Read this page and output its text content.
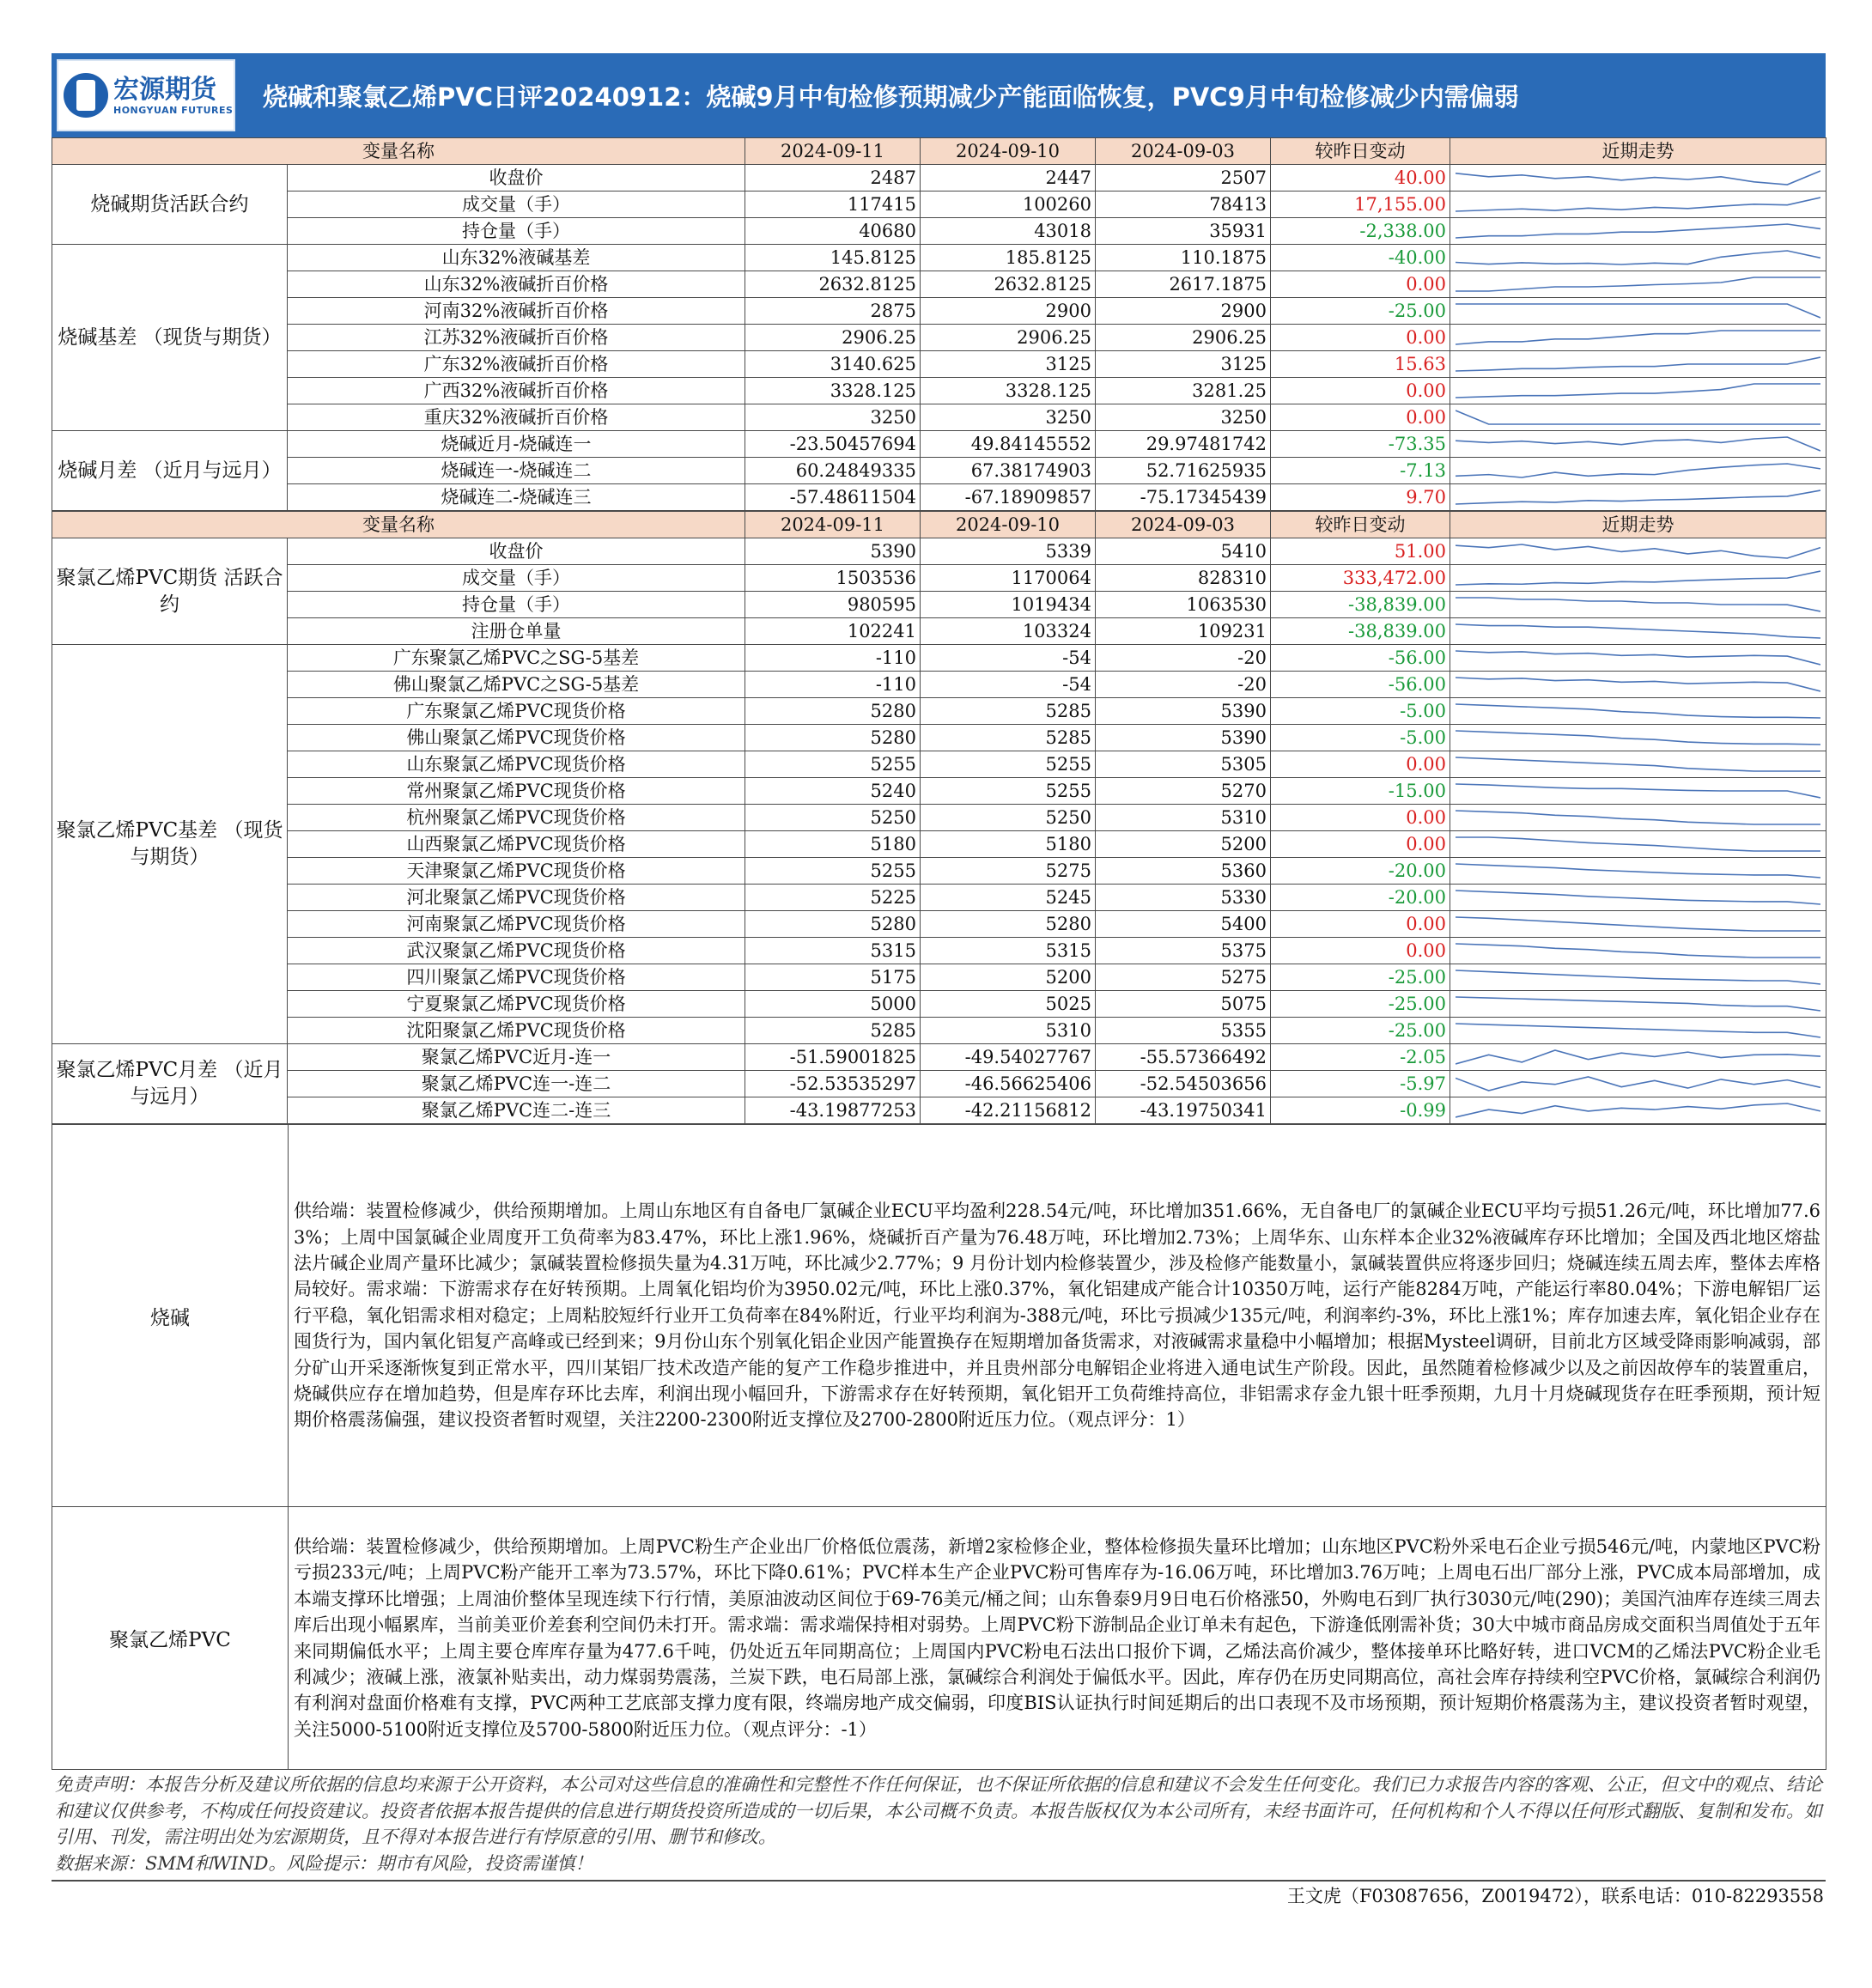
宏源期货
HONGYUAN FUTURES 烧碱和聚氯乙烯PVC日评20240912：烧碱9月中旬检修预期减少产能面临恢复，PVC9月中旬检修减少内需偏弱
变量名称		2024-09-11	2024-09-10	2024-09-03	较昨日变动	近期走势
烧碱期货活跃合约	收盘价	2487	2447	2507	40.00	

	成交量（手）	117415	100260	78413	17,155.00	

	持仓量（手）	40680	43018	35931	-2,338.00	

烧碱基差 （现货与期货）	山东32%液碱基差	145.8125	185.8125	110.1875	-40.00	

	山东32%液碱折百价格	2632.8125	2632.8125	2617.1875	0.00	

	河南32%液碱折百价格	2875	2900	2900	-25.00	

	江苏32%液碱折百价格	2906.25	2906.25	2906.25	0.00	

	广东32%液碱折百价格	3140.625	3125	3125	15.63	

	广西32%液碱折百价格	3328.125	3328.125	3281.25	0.00	

	重庆32%液碱折百价格	3250	3250	3250	0.00	

烧碱月差 （近月与远月）	烧碱近月-烧碱连一	-23.50457694	49.84145552	29.97481742	-73.35	

	烧碱连一-烧碱连二	60.24849335	67.38174903	52.71625935	-7.13	

	烧碱连二-烧碱连三	-57.48611504	-67.18909857	-75.17345439	9.70	
变量名称		2024-09-11	2024-09-10	2024-09-03	较昨日变动	近期走势
聚氯乙烯PVC期货 活跃合约	收盘价	5390	5339	5410	51.00	

	成交量（手）	1503536	1170064	828310	333,472.00	

	持仓量（手）	980595	1019434	1063530	-38,839.00	

	注册仓单量	102241	103324	109231	-38,839.00	

聚氯乙烯PVC基差 （现货与期货）	广东聚氯乙烯PVC之SG-5基差	-110	-54	-20	-56.00	

	佛山聚氯乙烯PVC之SG-5基差	-110	-54	-20	-56.00	

	广东聚氯乙烯PVC现货价格	5280	5285	5390	-5.00	

	佛山聚氯乙烯PVC现货价格	5280	5285	5390	-5.00	

	山东聚氯乙烯PVC现货价格	5255	5255	5305	0.00	

	常州聚氯乙烯PVC现货价格	5240	5255	5270	-15.00	

	杭州聚氯乙烯PVC现货价格	5250	5250	5310	0.00	

	山西聚氯乙烯PVC现货价格	5180	5180	5200	0.00	

	天津聚氯乙烯PVC现货价格	5255	5275	5360	-20.00	

	河北聚氯乙烯PVC现货价格	5225	5245	5330	-20.00	

	河南聚氯乙烯PVC现货价格	5280	5280	5400	0.00	

	武汉聚氯乙烯PVC现货价格	5315	5315	5375	0.00	

	四川聚氯乙烯PVC现货价格	5175	5200	5275	-25.00	

	宁夏聚氯乙烯PVC现货价格	5000	5025	5075	-25.00	

	沈阳聚氯乙烯PVC现货价格	5285	5310	5355	-25.00	

聚氯乙烯PVC月差 （近月与远月）	聚氯乙烯PVC近月-连一	-51.59001825	-49.54027767	-55.57366492	-2.05	

	聚氯乙烯PVC连一-连二	-52.53535297	-46.56625406	-52.54503656	-5.97	

	聚氯乙烯PVC连二-连三	-43.19877253	-42.21156812	-43.19750341	-0.99	
烧碱	供给端：装置检修减少，供给预期增加。上周山东地区有自备电厂氯碱企业ECU平均盈利228.54元/吨，环比增加351.66%，无自备电厂的氯碱企业ECU平均亏损51.26元/吨，环比增加77.63%；上周中国氯碱企业周度开工负荷率为83.47%，环比上涨1.96%，烧碱折百产量为76.48万吨，环比增加2.73%；上周华东、山东样本企业32%液碱库存环比增加；全国及西北地区熔盐法片碱企业周产量环比减少；氯碱装置检修损失量为4.31万吨，环比减少2.77%；9 月份计划内检修装置少，涉及检修产能数量小，氯碱装置供应将逐步回归；烧碱连续五周去库，整体去库格局较好。需求端：下游需求存在好转预期。上周氧化铝均价为3950.02元/吨，环比上涨0.37%，氧化铝建成产能合计10350万吨，运行产能8284万吨，产能运行率80.04%；下游电解铝厂运行平稳，氧化铝需求相对稳定；上周粘胶短纤行业开工负荷率在84%附近，行业平均利润为-388元/吨，环比亏损减少135元/吨，利润率约-3%，环比上涨1%；库存加速去库，氧化铝企业存在囤货行为，国内氧化铝复产高峰或已经到来；9月份山东个别氧化铝企业因产能置换存在短期增加备货需求，对液碱需求量稳中小幅增加；根据Mysteel调研，目前北方区域受降雨影响减弱，部分矿山开采逐渐恢复到正常水平，四川某铝厂技术改造产能的复产工作稳步推进中，并且贵州部分电解铝企业将进入通电试生产阶段。因此，虽然随着检修减少以及之前因故停车的装置重启，烧碱供应存在增加趋势，但是库存环比去库，利润出现小幅回升，下游需求存在好转预期，氧化铝开工负荷维持高位，非铝需求存金九银十旺季预期，九月十月烧碱现货存在旺季预期，预计短期价格震荡偏强，建议投资者暂时观望，关注2200-2300附近支撑位及2700-2800附近压力位。（观点评分：1）
聚氯乙烯PVC	供给端：装置检修减少，供给预期增加。上周PVC粉生产企业出厂价格低位震荡，新增2家检修企业，整体检修损失量环比增加；山东地区PVC粉外采电石企业亏损546元/吨，内蒙地区PVC粉亏损233元/吨；上周PVC粉产能开工率为73.57%，环比下降0.61%；PVC样本生产企业PVC粉可售库存为-16.06万吨，环比增加3.76万吨；上周电石出厂部分上涨，PVC成本局部增加，成本端支撑环比增强；上周油价整体呈现连续下行行情，美原油波动区间位于69-76美元/桶之间；山东鲁泰9月9日电石价格涨50，外购电石到厂执行3030元/吨(290)；美国汽油库存连续三周去库后出现小幅累库，当前美亚价差套利空间仍未打开。需求端：需求端保持相对弱势。上周PVC粉下游制品企业订单未有起色，下游逢低刚需补货；30大中城市商品房成交面积当周值处于五年来同期偏低水平；上周主要仓库库存量为477.6千吨，仍处近五年同期高位；上周国内PVC粉电石法出口报价下调，乙烯法高价减少，整体接单环比略好转，进口VCM的乙烯法PVC粉企业毛利减少；液碱上涨，液氯补贴卖出，动力煤弱势震荡，兰炭下跌，电石局部上涨，氯碱综合利润处于偏低水平。因此，库存仍在历史同期高位，高社会库存持续利空PVC价格，氯碱综合利润仍有利润对盘面价格难有支撑，PVC两种工艺底部支撑力度有限，终端房地产成交偏弱，印度BIS认证执行时间延期后的出口表现不及市场预期，预计短期价格震荡为主，建议投资者暂时观望，关注5000-5100附近支撑位及5700-5800附近压力位。（观点评分：-1）
免责声明：本报告分析及建议所依据的信息均来源于公开资料，本公司对这些信息的准确性和完整性不作任何保证，也不保证所依据的信息和建议不会发生任何变化。我们已力求报告内容的客观、公正，但文中的观点、结论和建议仅供参考，不构成任何投资建议。投资者依据本报告提供的信息进行期货投资所造成的一切后果，本公司概不负责。本报告版权仅为本公司所有，未经书面许可，任何机构和个人不得以任何形式翻版、复制和发布。如引用、刊发，需注明出处为宏源期货，且不得对本报告进行有悖原意的引用、删节和修改。
数据来源：SMM和WIND。风险提示：期市有风险，投资需谨慎！
王文虎（F03087656，Z0019472），联系电话：010-82293558
